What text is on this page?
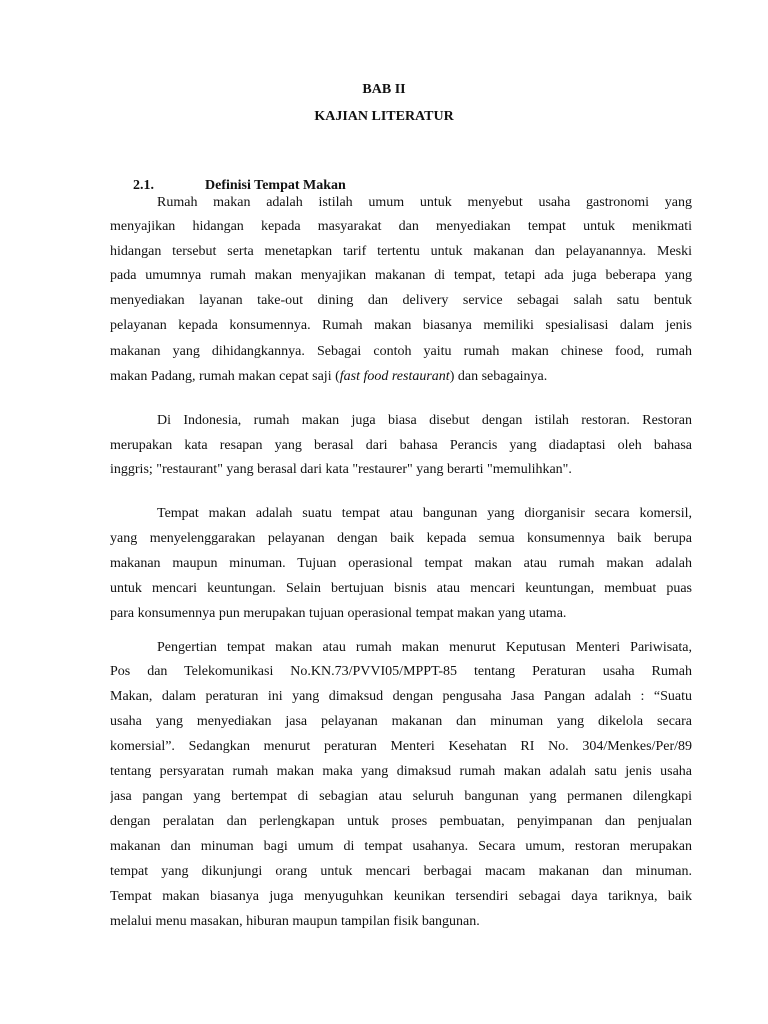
BAB II
KAJIAN LITERATUR
2.1.	Definisi Tempat Makan
Rumah makan adalah istilah umum untuk menyebut usaha gastronomi yang
menyajikan hidangan kepada masyarakat dan menyediakan tempat untuk menikmati
hidangan tersebut serta menetapkan tarif tertentu untuk makanan dan pelayanannya. Meski
pada umumnya rumah makan menyajikan makanan di tempat, tetapi ada juga beberapa yang
menyediakan layanan take-out dining dan delivery service sebagai salah satu bentuk
pelayanan kepada konsumennya. Rumah makan biasanya memiliki spesialisasi dalam jenis
makanan yang dihidangkannya. Sebagai contoh yaitu rumah makan chinese food, rumah
makan Padang, rumah makan cepat saji (fast food restaurant) dan sebagainya.
Di Indonesia, rumah makan juga biasa disebut dengan istilah restoran. Restoran
merupakan kata resapan yang berasal dari bahasa Perancis yang diadaptasi oleh bahasa
inggris; "restaurant" yang berasal dari kata "restaurer" yang berarti "memulihkan".
Tempat makan adalah suatu tempat atau bangunan yang diorganisir secara komersil,
yang menyelenggarakan pelayanan dengan baik kepada semua konsumennya baik berupa
makanan maupun minuman. Tujuan operasional tempat makan atau rumah makan adalah
untuk mencari keuntungan. Selain bertujuan bisnis atau mencari keuntungan, membuat puas
para konsumennya pun merupakan tujuan operasional tempat makan yang utama.
Pengertian tempat makan atau rumah makan menurut Keputusan Menteri Pariwisata,
Pos dan Telekomunikasi No.KN.73/PVVI05/MPPT-85 tentang Peraturan usaha Rumah
Makan, dalam peraturan ini yang dimaksud dengan pengusaha Jasa Pangan adalah : “Suatu
usaha yang menyediakan jasa pelayanan makanan dan minuman yang dikelola secara
komersial”. Sedangkan menurut peraturan Menteri Kesehatan RI No. 304/Menkes/Per/89
tentang persyaratan rumah makan maka yang dimaksud rumah makan adalah satu jenis usaha
jasa pangan yang bertempat di sebagian atau seluruh bangunan yang permanen dilengkapi
dengan peralatan dan perlengkapan untuk proses pembuatan, penyimpanan dan penjualan
makanan dan minuman bagi umum di tempat usahanya. Secara umum, restoran merupakan
tempat yang dikunjungi orang untuk mencari berbagai macam makanan dan minuman.
Tempat makan biasanya juga menyuguhkan keunikan tersendiri sebagai daya tariknya, baik
melalui menu masakan, hiburan maupun tampilan fisik bangunan.
